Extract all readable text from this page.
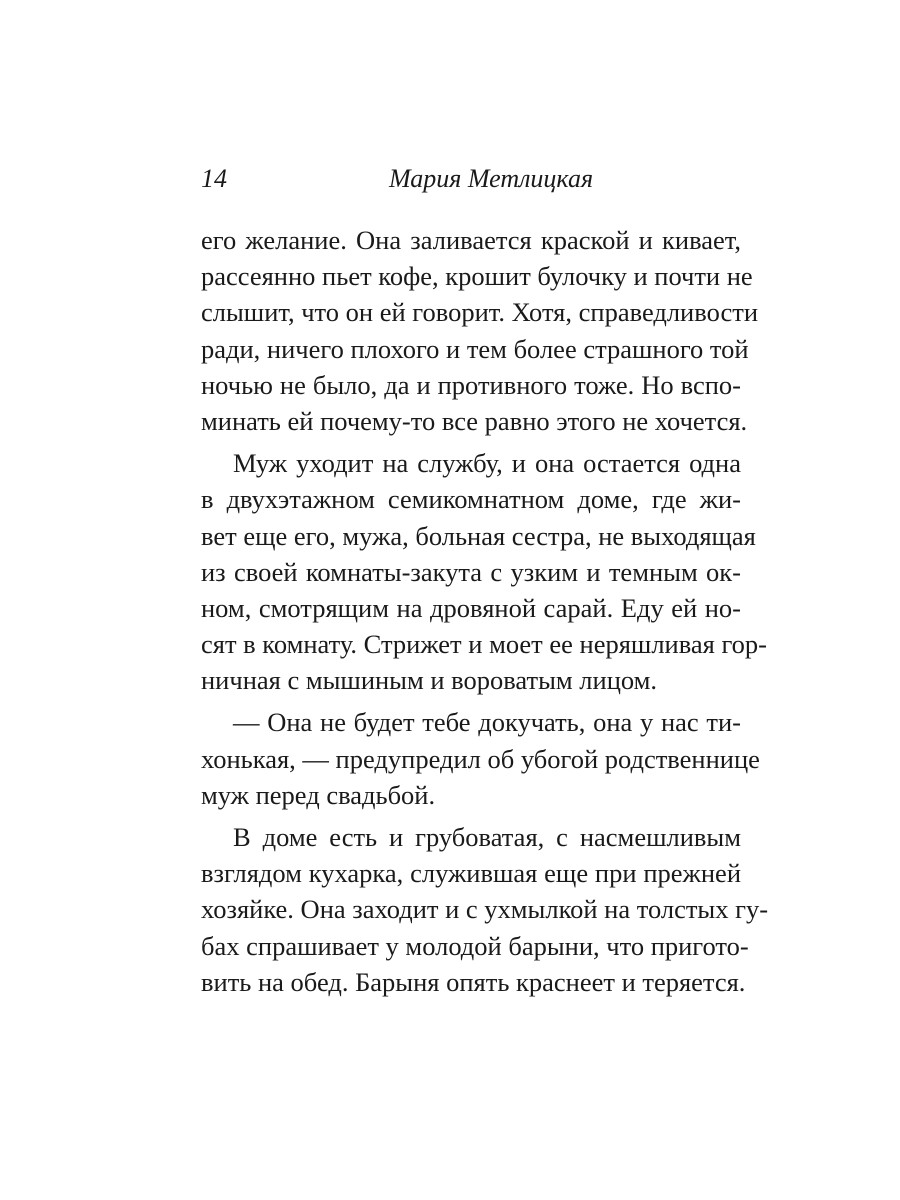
14	Мария Метлицкая
его желание. Она заливается краской и кивает,
рассеянно пьет кофе, крошит булочку и почти не
слышит, что он ей говорит. Хотя, справедливости
ради, ничего плохого и тем более страшного той
ночью не было, да и противного тоже. Но вспо-
минать ей почему-то все равно этого не хочется.
Муж уходит на службу, и она остается одна
в двухэтажном семикомнатном доме, где жи-
вет еще его, мужа, больная сестра, не выходящая
из своей комнаты-закута с узким и темным ок-
ном, смотрящим на дровяной сарай. Еду ей но-
сят в комнату. Стрижет и моет ее неряшливая гор-
ничная с мышиным и вороватым лицом.
— Она не будет тебе докучать, она у нас ти-
хонькая, — предупредил об убогой родственнице
муж перед свадьбой.
В доме есть и грубоватая, с насмешливым
взглядом кухарка, служившая еще при прежней
хозяйке. Она заходит и с ухмылкой на толстых гу-
бах спрашивает у молодой барыни, что пригото-
вить на обед. Барыня опять краснеет и теряется.
